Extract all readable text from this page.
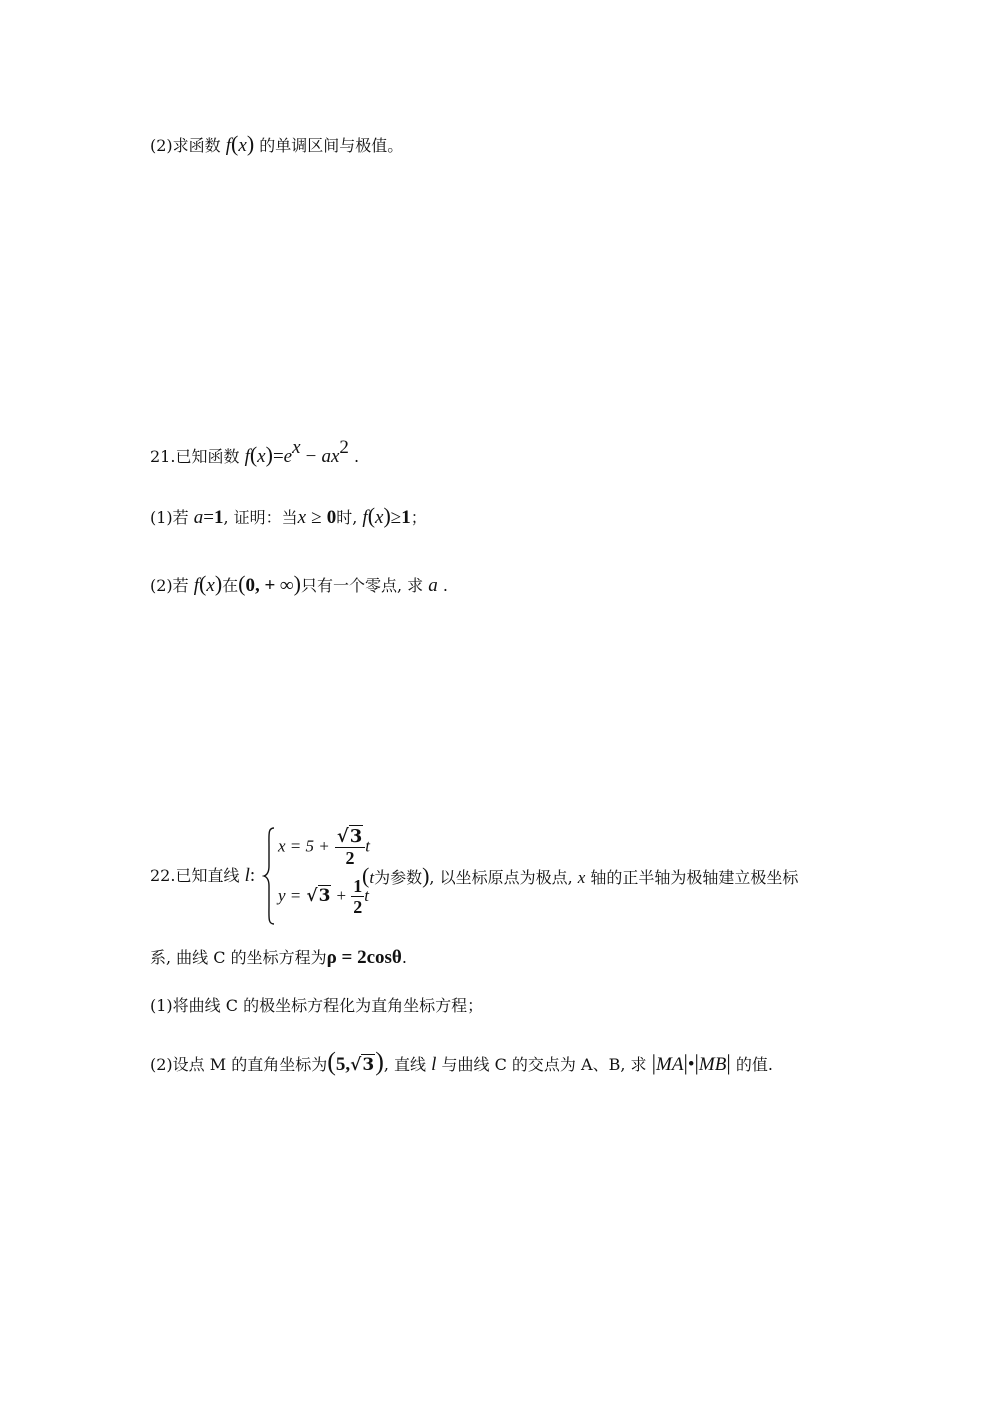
(2)求函数 f(x) 的单调区间与极值。
21.已知函数 $f(x)=e^x - ax^2$ .
(1)若 a=1, 证明：当x ≥ 0时, f(x)≥1；
(2)若 f(x)在(0, + ∞)只有一个零点, 求 a .
22.已知直线 l:
$x = 5 + \frac{√3}{2}$ t
$y = √3 + \frac{1}{2}$ t
(t为参数), 以坐标原点为极点, x 轴的正半轴为极轴建立极坐标
系, 曲线 C 的坐标方程为ρ = 2cosθ.
(1)将曲线 C 的极坐标方程化为直角坐标方程；
(2)设点 M 的直角坐标为(5,√3), 直线 l 与曲线 C 的交点为 A、B, 求 |MA|•|MB| 的值.
